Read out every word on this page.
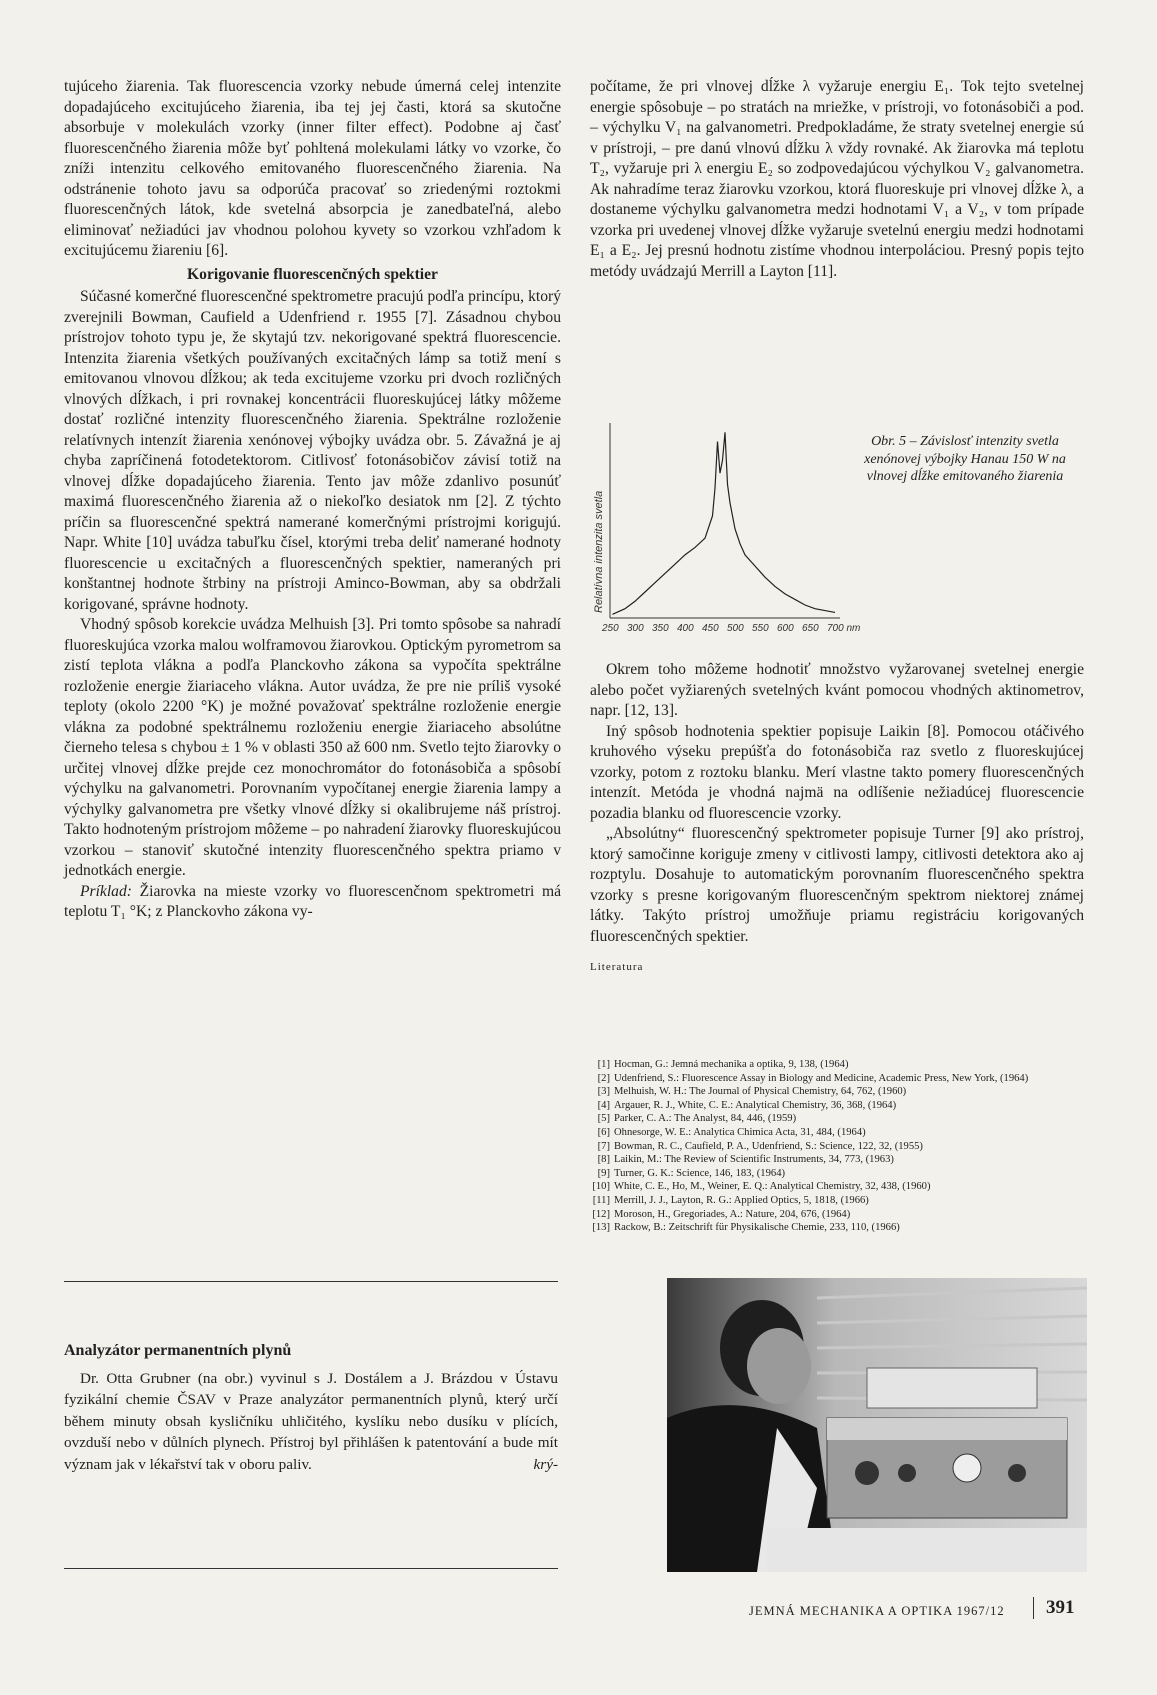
tujúceho žiarenia. Tak fluorescencia vzorky nebude úmerná celej intenzite dopadajúceho excitujúceho žiarenia, iba tej jej časti, ktorá sa skutočne absorbuje v molekulách vzorky (inner filter effect). Podobne aj časť fluorescenčného žiarenia môže byť pohltená molekulami látky vo vzorke, čo zníži intenzitu celkového emitovaného fluorescenčného žiarenia. Na odstránenie tohoto javu sa odporúča pracovať so zriedenými roztokmi fluorescenčných látok, kde svetelná absorpcia je zanedbateľná, alebo eliminovať nežiadúci jav vhodnou polohou kyvety so vzorkou vzhľadom k excitujúcemu žiareniu [6].

Korigovanie fluorescenčných spektier

Súčasné komerčné fluorescenčné spektrometre pracujú podľa princípu, ktorý zverejnili Bowman, Caufield a Udenfriend r. 1955 [7]. Zásadnou chybou prístrojov tohoto typu je, že skytajú tzv. nekorigované spektrá fluorescencie. Intenzita žiarenia všetkých používaných excitačných lámp sa totiž mení s emitovanou vlnovou dĺžkou; ak teda excitujeme vzorku pri dvoch rozličných vlnových dĺžkach, i pri rovnakej koncentrácii fluoreskujúcej látky môžeme dostať rozličné intenzity fluorescenčného žiarenia. Spektrálne rozloženie relatívnych intenzít žiarenia xenónovej výbojky uvádza obr. 5. Závažná je aj chyba zapríčinená fotodetektorom. Citlivosť fotonásobičov závisí totiž na vlnovej dĺžke dopadajúceho žiarenia. Tento jav môže zdanlivo posunúť maximá fluorescenčného žiarenia až o niekoľko desiatok nm [2]. Z týchto príčin sa fluorescenčné spektrá namerané komerčnými prístrojmi korigujú. Napr. White [10] uvádza tabuľku čísel, ktorými treba deliť namerané hodnoty fluorescencie u excitačných a fluorescenčných spektier, nameraných pri konštantnej hodnote štrbiny na prístroji Aminco-Bowman, aby sa obdržali korigované, správne hodnoty.

Vhodný spôsob korekcie uvádza Melhuish [3]. Pri tomto spôsobe sa nahradí fluoreskujúca vzorka malou wolframovou žiarovkou. Optickým pyrometrom sa zistí teplota vlákna a podľa Planckovho zákona sa vypočíta spektrálne rozloženie energie žiariaceho vlákna. Autor uvádza, že pre nie príliš vysoké teploty (okolo 2200 °K) je možné považovať spektrálne rozloženie energie vlákna za podobné spektrálnemu rozloženiu energie žiariaceho absolútne čierneho telesa s chybou ± 1 % v oblasti 350 až 600 nm. Svetlo tejto žiarovky o určitej vlnovej dĺžke prejde cez monochromátor do fotonásobiča a spôsobí výchylku na galvanometri. Porovnaním vypočítanej energie žiarenia lampy a výchylky galvanometra pre všetky vlnové dĺžky si okalibrujeme náš prístroj. Takto hodnoteným prístrojom môžeme – po nahradení žiarovky fluoreskujúcou vzorkou – stanoviť skutočné intenzity fluorescenčného spektra priamo v jednotkách energie.

Príklad: Žiarovka na mieste vzorky vo fluorescenčnom spektrometri má teplotu T₁ °K; z Planckovho zákona vy-

počítame, že pri vlnovej dĺžke λ vyžaruje energiu E₁. Tok tejto svetelnej energie spôsobuje – po stratách na mriežke, v prístroji, vo fotonásobiči a pod. – výchylku V₁ na galvanometri. Predpokladáme, že straty svetelnej energie sú v prístroji, – pre danú vlnovú dĺžku λ vždy rovnaké. Ak žiarovka má teplotu T₂, vyžaruje pri λ energiu E₂ so zodpovedajúcou výchylkou V₂ galvanometra. Ak nahradíme teraz žiarovku vzorkou, ktorá fluoreskuje pri vlnovej dĺžke λ, a dostaneme výchylku galvanometra medzi hodnotami V₁ a V₂, v tom prípade vzorka pri uvedenej vlnovej dĺžke vyžaruje svetelnú energiu medzi hodnotami E₁ a E₂. Jej presnú hodnotu zistíme vhodnou interpoláciou. Presný popis tejto metódy uvádzajú Merrill a Layton [11].

250 300 350 400 450 500 550 600 650 700 nm
Relatívna intenzita svetla
Obr. 5 – Závislosť intenzity svetla xenónovej výbojky Hanau 150 W na vlnovej dĺžke emitovaného žiarenia

Okrem toho môžeme hodnotiť množstvo vyžarovanej svetelnej energie alebo počet vyžiarených svetelných kvánt pomocou vhodných aktinometrov, napr. [12, 13].

Iný spôsob hodnotenia spektier popisuje Laikin [8]. Pomocou otáčivého kruhového výseku prepúšťa do fotonásobiča raz svetlo z fluoreskujúcej vzorky, potom z roztoku blanku. Merí vlastne takto pomery fluorescenčných intenzít. Metóda je vhodná najmä na odlíšenie nežiadúcej fluorescencie pozadia blanku od fluorescencie vzorky.

„Absolútny“ fluorescenčný spektrometer popisuje Turner [9] ako prístroj, ktorý samočinne koriguje zmeny v citlivosti lampy, citlivosti detektora ako aj rozptylu. Dosahuje to automatickým porovnaním fluorescenčného spektra vzorky s presne korigovaným fluorescenčným spektrom niektorej známej látky. Takýto prístroj umožňuje priamu registráciu korigovaných fluorescenčných spektier.

Literatura
[1] Hocman, G.: Jemná mechanika a optika, 9, 138, (1964)
[2] Udenfriend, S.: Fluorescence Assay in Biology and Medicine, Academic Press, New York, (1964)
[3] Melhuish, W. H.: The Journal of Physical Chemistry, 64, 762, (1960)
[4] Argauer, R. J., White, C. E.: Analytical Chemistry, 36, 368, (1964)
[5] Parker, C. A.: The Analyst, 84, 446, (1959)
[6] Ohnesorge, W. E.: Analytica Chimica Acta, 31, 484, (1964)
[7] Bowman, R. C., Caufield, P. A., Udenfriend, S.: Science, 122, 32, (1955)
[8] Laikin, M.: The Review of Scientific Instruments, 34, 773, (1963)
[9] Turner, G. K.: Science, 146, 183, (1964)
[10] White, C. E., Ho, M., Weiner, E. Q.: Analytical Chemistry, 32, 438, (1960)
[11] Merrill, J. J., Layton, R. G.: Applied Optics, 5, 1818, (1966)
[12] Moroson, H., Gregoriades, A.: Nature, 204, 676, (1964)
[13] Rackow, B.: Zeitschrift für Physikalische Chemie, 233, 110, (1966)
Analyzátor permanentních plynů

Dr. Otta Grubner (na obr.) vyvinul s J. Dostálem a J. Brázdou v Ústavu fyzikální chemie ČSAV v Praze analyzátor permanentních plynů, který určí během minuty obsah kysličníku uhličitého, kyslíku nebo dusíku v plících, ovzduší nebo v důlních plynech. Přístroj byl přihlášen k patentování a bude mít význam jak v lékařství tak v oboru paliv.	krý-

JEMNÁ MECHANIKA A OPTIKA 1967/12 391
